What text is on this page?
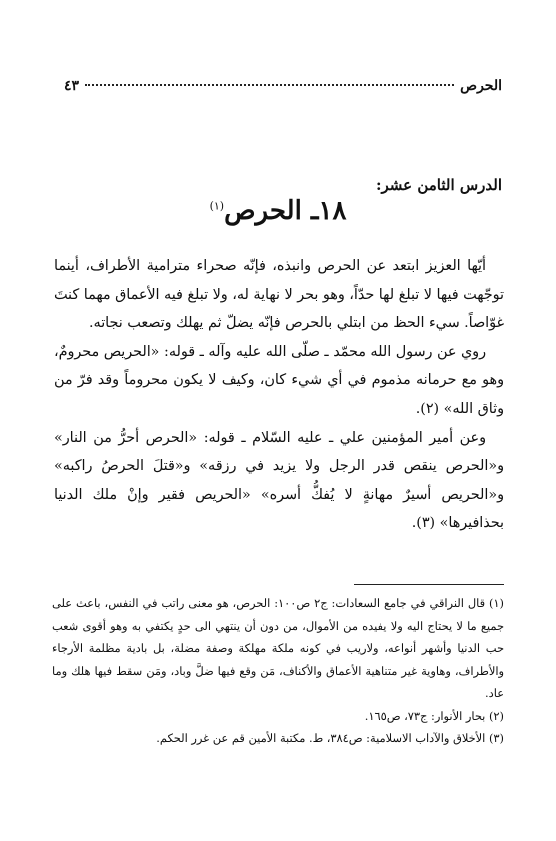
الحرص
٤٣
الدرس الثامن عشر:
١٨ـ الحرص$^{(١)}$

أيّها العزيز ابتعد عن الحرص وانبذه، فإنّه صحراء مترامية الأطراف، أينما توجّهت فيها لا تبلغ لها حدّاً، وهو بحر لا نهاية له، ولا تبلغ فيه الأعماق مهما كنتَ غوّاصاً. سيء الحظ من ابتلي بالحرص فإنّه يضلّ ثم يهلك وتصعب نجاته.

روي عن رسول الله محمّد ـ صلّى الله عليه وآله ـ قوله: «الحريص محرومٌ، وهو مع حرمانه مذموم في أي شيء كان، وكيف لا يكون محروماً وقد فرّ من وثاق الله» (٢).

وعن أمير المؤمنين علي ـ عليه السّلام ـ قوله: «الحرص أحرُّ من النار» و«الحرص ينقص قدر الرجل ولا يزيد في رزقه» و«قتلَ الحرصُ راكبه» و«الحريص أسيرٌ مهانةٍ لا يُفكُّ أسره» «الحريص فقير وإنْ ملك الدنيا بحذافيرها» (٣).

(١) قال النراقي في جامع السعادات: ج٢ ص١٠٠: الحرص، هو معنى راتب في النفس، باعث على جميع ما لا يحتاج اليه ولا يفيده من الأموال، من دون أن ينتهي الى حدٍ يكتفي به وهو أقوى شعب حب الدنيا وأشهر أنواعه، ولاريب في كونه ملكة مهلكة وصفة مضلة، بل بادية مظلمة الأرجاء والأطراف، وهاوية غير متناهية الأعماق والأكناف، مَن وقع فيها ضلَّ وباد، ومَن سقط فيها هلك وما عاد.

(٢) بحار الأنوار: ج٧٣، ص١٦٥.

(٣) الأخلاق والآداب الاسلامية: ص٣٨٤، ط. مكتبة الأمين قم عن غرر الحكم.
